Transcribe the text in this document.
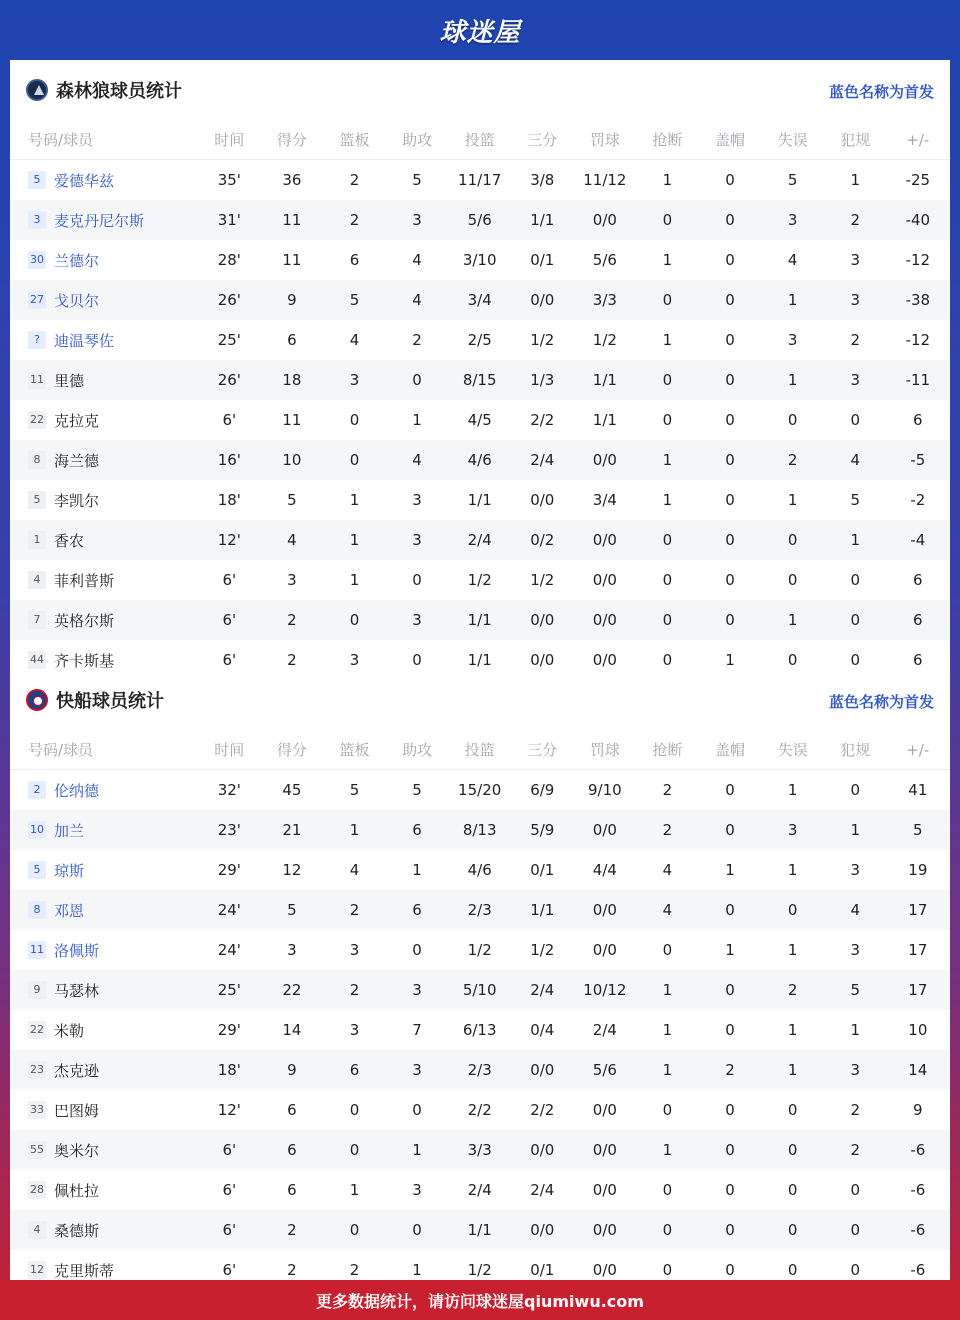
球迷屋
森林狼球员统计	蓝色名称为首发
号码/球员	时间	得分	篮板	助攻	投篮	三分	罚球	抢断	盖帽	失误	犯规	+/-
5 爱德华兹	35'	36	2	5	11/17	3/8	11/12	1	0	5	1	-25
3 麦克丹尼尔斯	31'	11	2	3	5/6	1/1	0/0	0	0	3	2	-40
30 兰德尔	28'	11	6	4	3/10	0/1	5/6	1	0	4	3	-12
27 戈贝尔	26'	9	5	4	3/4	0/0	3/3	0	0	1	3	-38
? 迪温琴佐	25'	6	4	2	2/5	1/2	1/2	1	0	3	2	-12
11 里德	26'	18	3	0	8/15	1/3	1/1	0	0	1	3	-11
22 克拉克	6'	11	0	1	4/5	2/2	1/1	0	0	0	0	6
8 海兰德	16'	10	0	4	4/6	2/4	0/0	1	0	2	4	-5
5 李凯尔	18'	5	1	3	1/1	0/0	3/4	1	0	1	5	-2
1 香农	12'	4	1	3	2/4	0/2	0/0	0	0	0	1	-4
4 菲利普斯	6'	3	1	0	1/2	1/2	0/0	0	0	0	0	6
7 英格尔斯	6'	2	0	3	1/1	0/0	0/0	0	0	1	0	6
44 齐卡斯基	6'	2	3	0	1/1	0/0	0/0	0	1	0	0	6
快船球员统计	蓝色名称为首发
号码/球员	时间	得分	篮板	助攻	投篮	三分	罚球	抢断	盖帽	失误	犯规	+/-
2 伦纳德	32'	45	5	5	15/20	6/9	9/10	2	0	1	0	41
10 加兰	23'	21	1	6	8/13	5/9	0/0	2	0	3	1	5
5 琼斯	29'	12	4	1	4/6	0/1	4/4	4	1	1	3	19
8 邓恩	24'	5	2	6	2/3	1/1	0/0	4	0	0	4	17
11 洛佩斯	24'	3	3	0	1/2	1/2	0/0	0	1	1	3	17
9 马瑟林	25'	22	2	3	5/10	2/4	10/12	1	0	2	5	17
22 米勒	29'	14	3	7	6/13	0/4	2/4	1	0	1	1	10
23 杰克逊	18'	9	6	3	2/3	0/0	5/6	1	2	1	3	14
33 巴图姆	12'	6	0	0	2/2	2/2	0/0	0	0	0	2	9
55 奥米尔	6'	6	0	1	3/3	0/0	0/0	1	0	0	2	-6
28 佩杜拉	6'	6	1	3	2/4	2/4	0/0	0	0	0	0	-6
4 桑德斯	6'	2	0	0	1/1	0/0	0/0	0	0	0	0	-6
12 克里斯蒂	6'	2	2	1	1/2	0/1	0/0	0	0	0	0	-6
更多数据统计，请访问球迷屋qiumiwu.com
